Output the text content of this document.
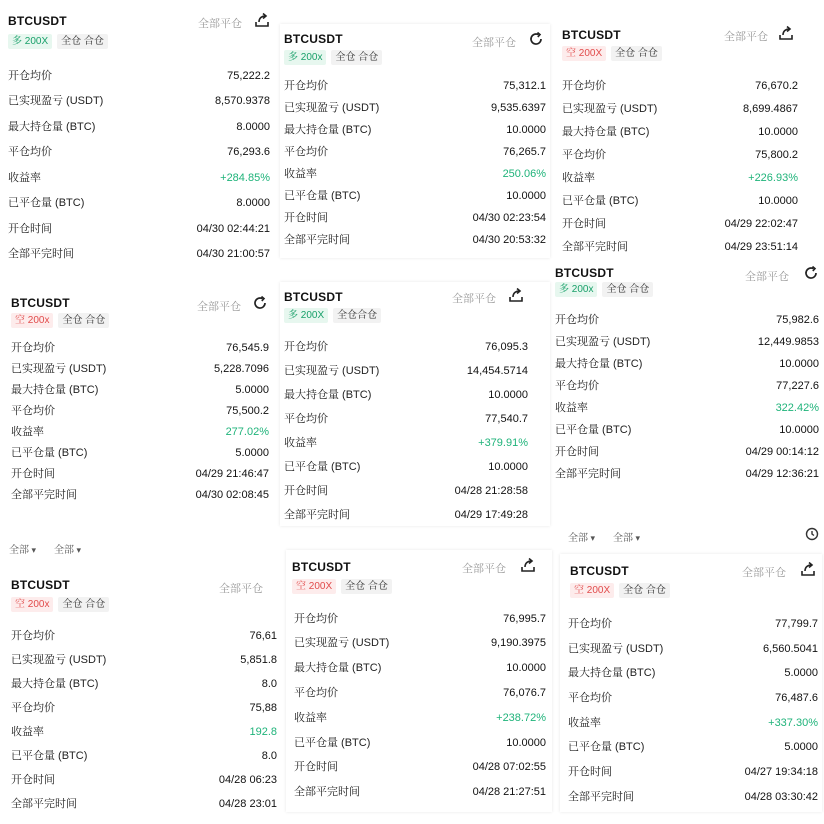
BTCUSDT
多 200X	全仓 合仓
全部平仓
开仓均价	75,222.2
已实现盈亏 (USDT)	8,570.9378
最大持仓量 (BTC)	8.0000
平仓均价	76,293.6
收益率	+284.85%
已平仓量 (BTC)	8.0000
开仓时间	04/30 02:44:21
全部平完时间	04/30 21:00:57
BTCUSDT
多 200x	全仓 合仓
全部平仓
开仓均价	75,312.1
已实现盈亏 (USDT)	9,535.6397
最大持仓量 (BTC)	10.0000
平仓均价	76,265.7
收益率	250.06%
已平仓量 (BTC)	10.0000
开仓时间	04/30 02:23:54
全部平完时间	04/30 20:53:32
BTCUSDT
空 200X	全仓 合仓
全部平仓
开仓均价	76,670.2
已实现盈亏 (USDT)	8,699.4867
最大持仓量 (BTC)	10.0000
平仓均价	75,800.2
收益率	+226.93%
已平仓量 (BTC)	10.0000
开仓时间	04/29 22:02:47
全部平完时间	04/29 23:51:14
BTCUSDT
空 200x	全仓 合仓
全部平仓
开仓均价	76,545.9
已实现盈亏 (USDT)	5,228.7096
最大持仓量 (BTC)	5.0000
平仓均价	75,500.2
收益率	277.02%
已平仓量 (BTC)	5.0000
开仓时间	04/29 21:46:47
全部平完时间	04/30 02:08:45
全部 ▾	全部 ▾
BTCUSDT
多 200X	全仓合仓
全部平仓
开仓均价	76,095.3
已实现盈亏 (USDT)	14,454.5714
最大持仓量 (BTC)	10.0000
平仓均价	77,540.7
收益率	+379.91%
已平仓量 (BTC)	10.0000
开仓时间	04/28 21:28:58
全部平完时间	04/29 17:49:28
BTCUSDT
多 200x	全仓 合仓
全部平仓
开仓均价	75,982.6
已实现盈亏 (USDT)	12,449.9853
最大持仓量 (BTC)	10.0000
平仓均价	77,227.6
收益率	322.42%
已平仓量 (BTC)	10.0000
开仓时间	04/29 00:14:12
全部平完时间	04/29 12:36:21
全部 ▾	全部 ▾
BTCUSDT
空 200x	全仓 合仓
全部平仓
开仓均价	76,61
已实现盈亏 (USDT)	5,851.8
最大持仓量 (BTC)	8.0
平仓均价	75,88
收益率	192.8
已平仓量 (BTC)	8.0
开仓时间	04/28 06:23
全部平完时间	04/28 23:01
BTCUSDT
空 200X	全仓 合仓
全部平仓
开仓均价	76,995.7
已实现盈亏 (USDT)	9,190.3975
最大持仓量 (BTC)	10.0000
平仓均价	76,076.7
收益率	+238.72%
已平仓量 (BTC)	10.0000
开仓时间	04/28 07:02:55
全部平完时间	04/28 21:27:51
BTCUSDT
空 200X	全仓 合仓
全部平仓
开仓均价	77,799.7
已实现盈亏 (USDT)	6,560.5041
最大持仓量 (BTC)	5.0000
平仓均价	76,487.6
收益率	+337.30%
已平仓量 (BTC)	5.0000
开仓时间	04/27 19:34:18
全部平完时间	04/28 03:30:42
